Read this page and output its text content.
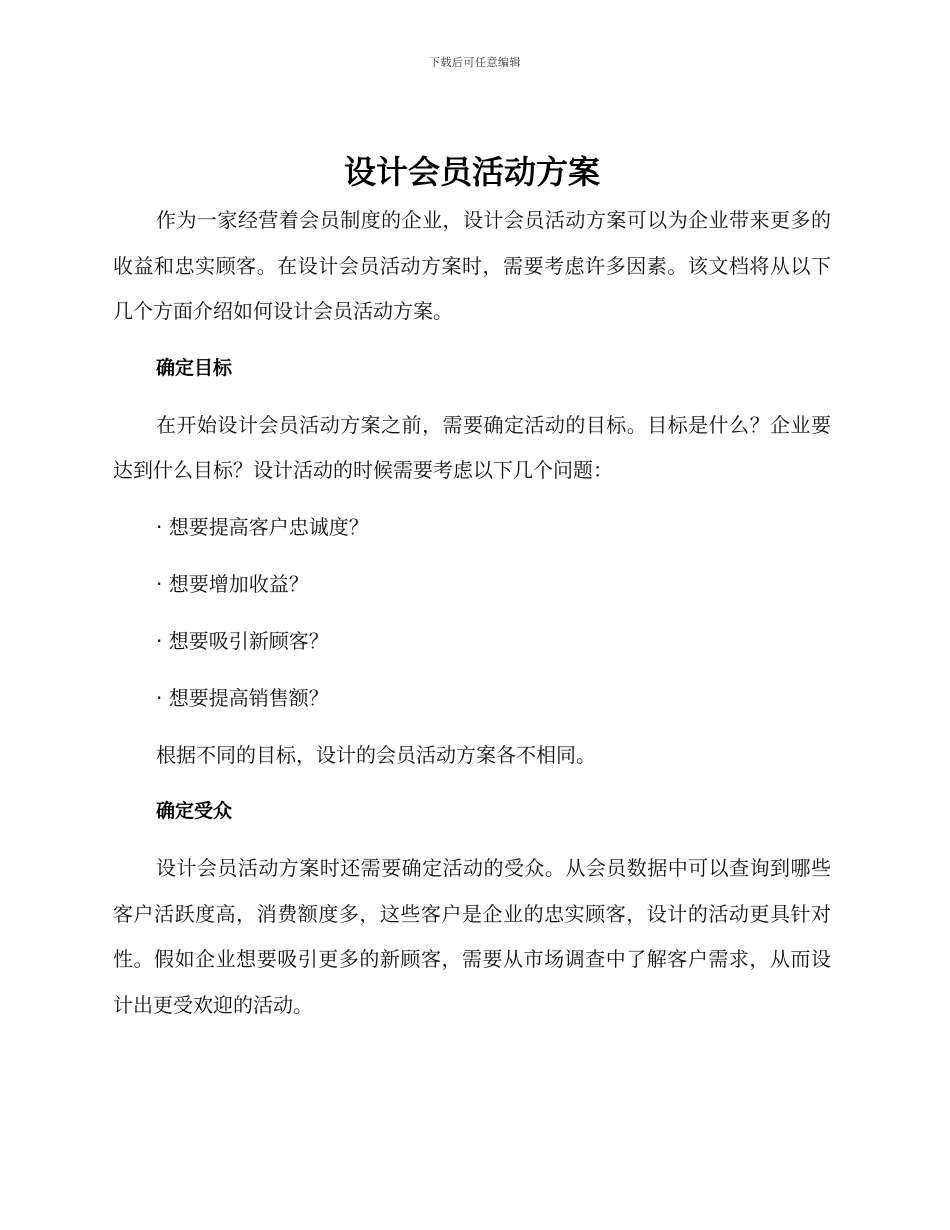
下载后可任意编辑
设计会员活动方案

作为一家经营着会员制度的企业，设计会员活动方案可以为企业带来更多的收益和忠实顾客。在设计会员活动方案时，需要考虑许多因素。该文档将从以下几个方面介绍如何设计会员活动方案。

确定目标

在开始设计会员活动方案之前，需要确定活动的目标。目标是什么？企业要达到什么目标？设计活动的时候需要考虑以下几个问题：

· 想要提高客户忠诚度？
· 想要增加收益？
· 想要吸引新顾客？
· 想要提高销售额？

根据不同的目标，设计的会员活动方案各不相同。

确定受众

设计会员活动方案时还需要确定活动的受众。从会员数据中可以查询到哪些客户活跃度高，消费额度多，这些客户是企业的忠实顾客，设计的活动更具针对性。假如企业想要吸引更多的新顾客，需要从市场调查中了解客户需求，从而设计出更受欢迎的活动。
